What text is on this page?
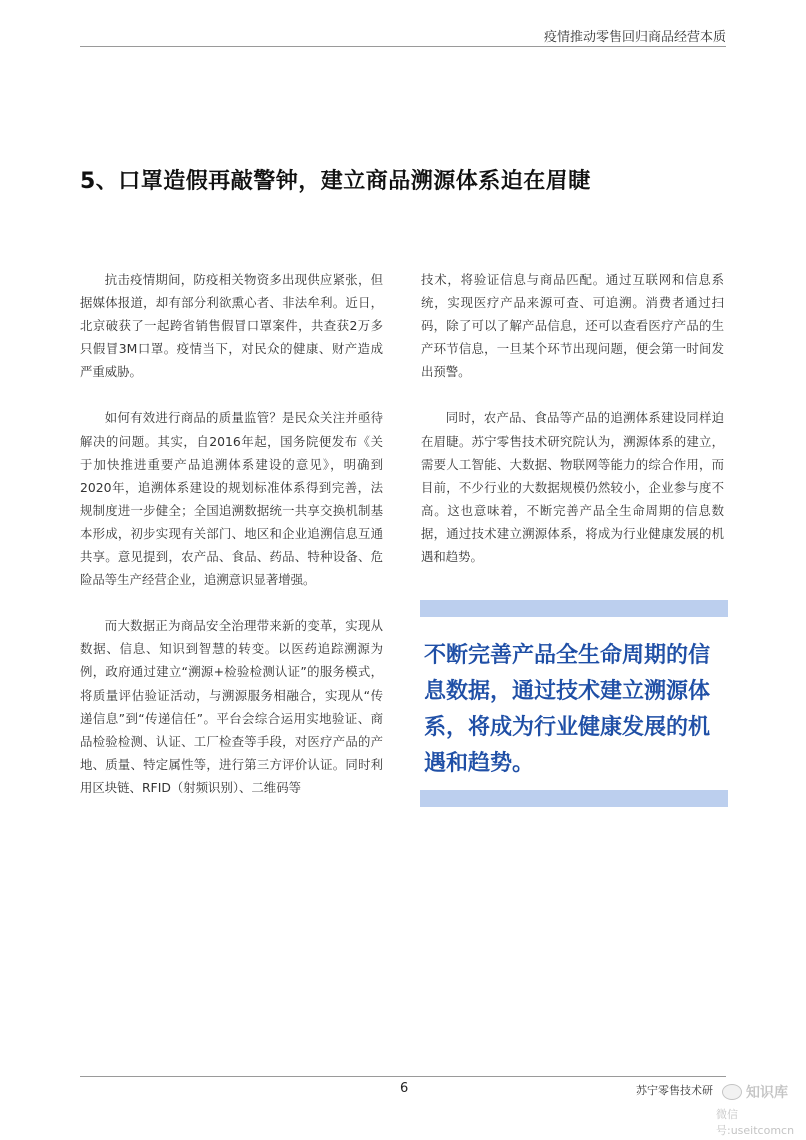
疫情推动零售回归商品经营本质
5、口罩造假再敲警钟，建立商品溯源体系迫在眉睫

抗击疫情期间，防疫相关物资多出现供应紧张，但据媒体报道，却有部分利欲熏心者、非法牟利。近日，北京破获了一起跨省销售假冒口罩案件，共查获2万多只假冒3M口罩。疫情当下，对民众的健康、财产造成严重威胁。

如何有效进行商品的质量监管？是民众关注并亟待解决的问题。其实，自2016年起，国务院便发布《关于加快推进重要产品追溯体系建设的意见》，明确到2020年，追溯体系建设的规划标准体系得到完善，法规制度进一步健全；全国追溯数据统一共享交换机制基本形成，初步实现有关部门、地区和企业追溯信息互通共享。意见提到，农产品、食品、药品、特种设备、危险品等生产经营企业，追溯意识显著增强。

而大数据正为商品安全治理带来新的变革，实现从数据、信息、知识到智慧的转变。以医药追踪溯源为例，政府通过建立“溯源+检验检测认证”的服务模式，将质量评估验证活动，与溯源服务相融合，实现从“传递信息”到“传递信任”。平台会综合运用实地验证、商品检验检测、认证、工厂检查等手段，对医疗产品的产地、质量、特定属性等，进行第三方评价认证。同时利用区块链、RFID（射频识别）、二维码等

技术，将验证信息与商品匹配。通过互联网和信息系统，实现医疗产品来源可查、可追溯。消费者通过扫码，除了可以了解产品信息，还可以查看医疗产品的生产环节信息，一旦某个环节出现问题，便会第一时间发出预警。

同时，农产品、食品等产品的追溯体系建设同样迫在眉睫。苏宁零售技术研究院认为，溯源体系的建立，需要人工智能、大数据、物联网等能力的综合作用，而目前，不少行业的大数据规模仍然较小，企业参与度不高。这也意味着，不断完善产品全生命周期的信息数据，通过技术建立溯源体系，将成为行业健康发展的机遇和趋势。

不断完善产品全生命周期的信息数据，通过技术建立溯源体系，将成为行业健康发展的机遇和趋势。
6	苏宁零售技术研 知识库
微信号:useitcomcn
